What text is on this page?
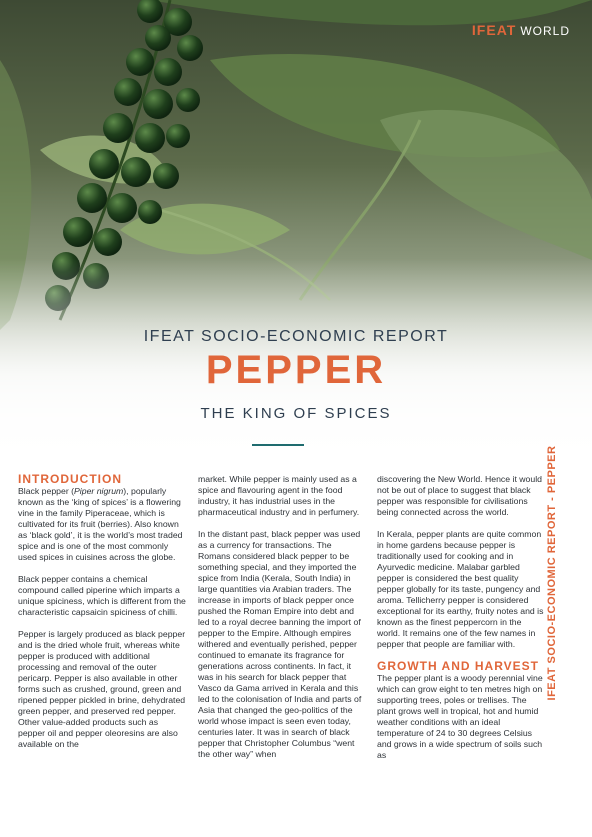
IFEAT WORLD
IFEAT SOCIO-ECONOMIC REPORT
PEPPER
THE KING OF SPICES
IFEAT SOCIO-ECONOMIC REPORT - PEPPER
INTRODUCTION

Black pepper (Piper nigrum), popularly known as the ‘king of spices’ is a flowering vine in the family Piperaceae, which is cultivated for its fruit (berries). Also known as ‘black gold’, it is the world’s most traded spice and is one of the most commonly used spices in cuisines across the globe.

Black pepper contains a chemical compound called piperine which imparts a unique spiciness, which is different from the characteristic capsaicin spiciness of chilli.

Pepper is largely produced as black pepper and is the dried whole fruit, whereas white pepper is produced with additional processing and removal of the outer pericarp. Pepper is also available in other forms such as crushed, ground, green and ripened pepper pickled in brine, dehydrated green pepper, and preserved red pepper. Other value-added products such as pepper oil and pepper oleoresins are also available on the

market. While pepper is mainly used as a spice and flavouring agent in the food industry, it has industrial uses in the pharmaceutical industry and in perfumery.

In the distant past, black pepper was used as a currency for transactions. The Romans considered black pepper to be something special, and they imported the spice from India (Kerala, South India) in large quantities via Arabian traders. The increase in imports of black pepper once pushed the Roman Empire into debt and led to a royal decree banning the import of pepper to the Empire. Although empires withered and eventually perished, pepper continued to emanate its fragrance for generations across continents. In fact, it was in his search for black pepper that Vasco da Gama arrived in Kerala and this led to the colonisation of India and parts of Asia that changed the geo-politics of the world whose impact is seen even today, centuries later. It was in search of black pepper that Christopher Columbus “went the other way” when

discovering the New World. Hence it would not be out of place to suggest that black pepper was responsible for civilisations being connected across the world.

In Kerala, pepper plants are quite common in home gardens because pepper is traditionally used for cooking and in Ayurvedic medicine. Malabar garbled pepper is considered the best quality pepper globally for its taste, pungency and aroma. Tellicherry pepper is considered exceptional for its earthy, fruity notes and is known as the finest peppercorn in the world. It remains one of the few names in pepper that people are familiar with.

GROWTH AND HARVEST

The pepper plant is a woody perennial vine which can grow eight to ten metres high on supporting trees, poles or trellises. The plant grows well in tropical, hot and humid weather conditions with an ideal temperature of 24 to 30 degrees Celsius and grows in a wide spectrum of soils such as
